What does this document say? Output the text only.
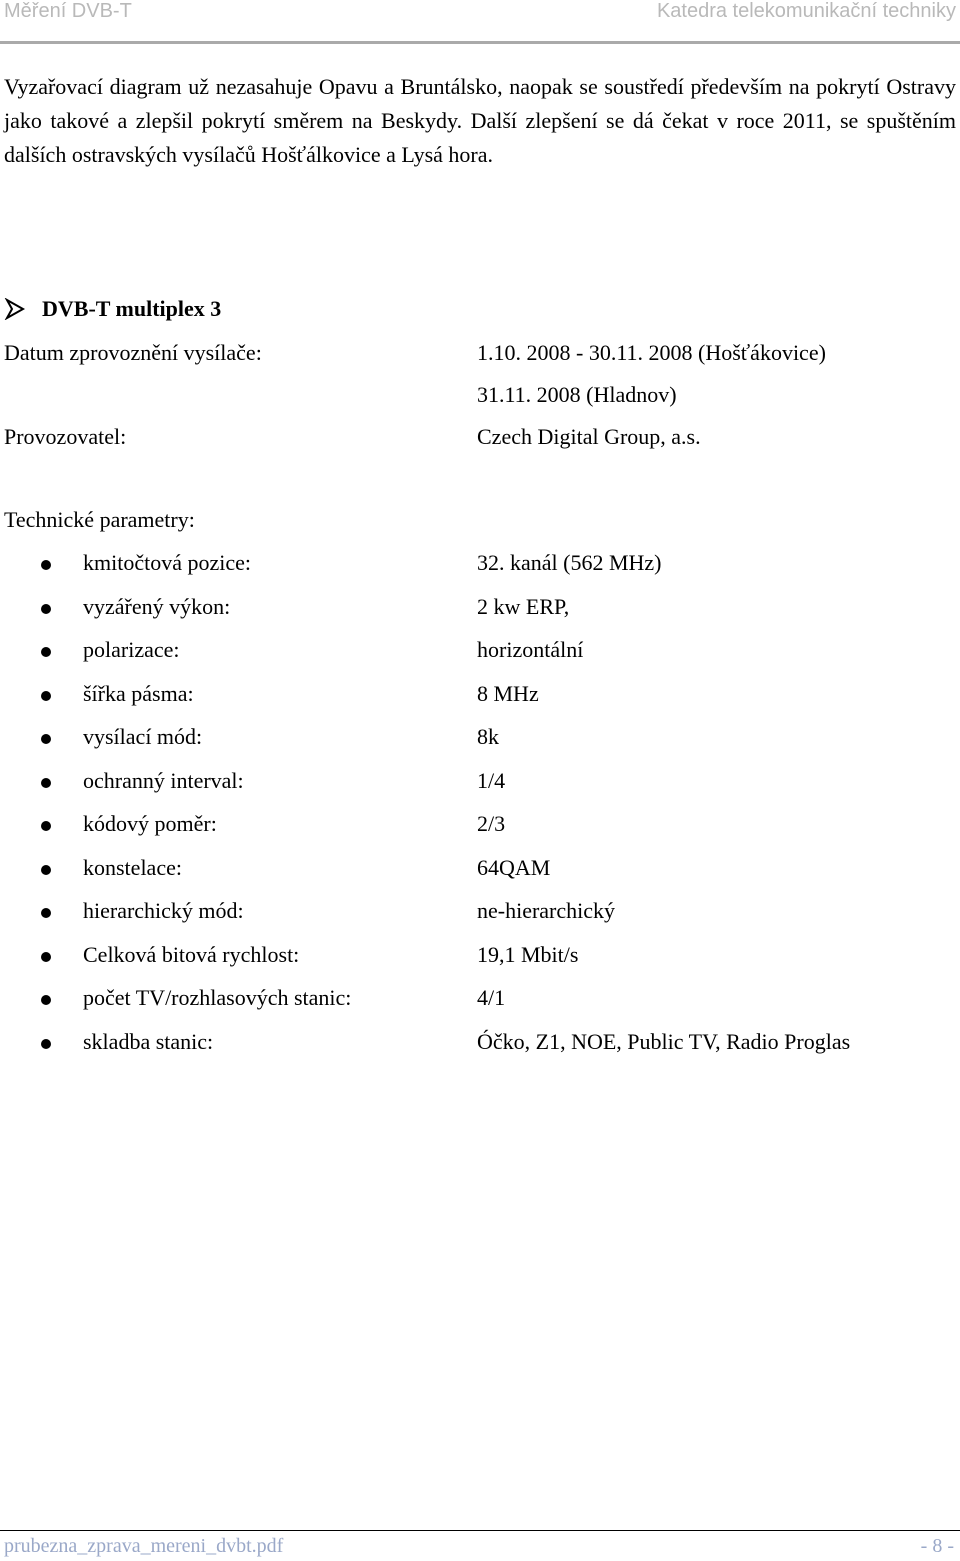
Měření DVB-T	Katedra telekomunikační techniky
Vyzařovací diagram už nezasahuje Opavu a Bruntálsko, naopak se soustředí především na pokrytí Ostravy jako takové a zlepšil pokrytí směrem na Beskydy. Další zlepšení se dá čekat v roce 2011, se spuštěním dalších ostravských vysílačů Hošťálkovice a Lysá hora.
DVB-T multiplex 3
Datum zprovoznění vysílače:	1.10. 2008 - 30.11. 2008 (Hošťákovice)
31.11. 2008 (Hladnov)
Provozovatel:	Czech Digital Group, a.s.
Technické parametry:
kmitočtová pozice:	32. kanál (562 MHz)
vyzářený výkon:	2 kw ERP,
polarizace:	horizontální
šířka pásma:	8 MHz
vysílací mód:	8k
ochranný interval:	1/4
kódový poměr:	2/3
konstelace:	64QAM
hierarchický mód:	ne-hierarchický
Celková bitová rychlost:	19,1 Mbit/s
počet TV/rozhlasových stanic:	4/1
skladba stanic:	Óčko, Z1, NOE, Public TV, Radio Proglas
prubezna_zprava_mereni_dvbt.pdf	- 8 -
